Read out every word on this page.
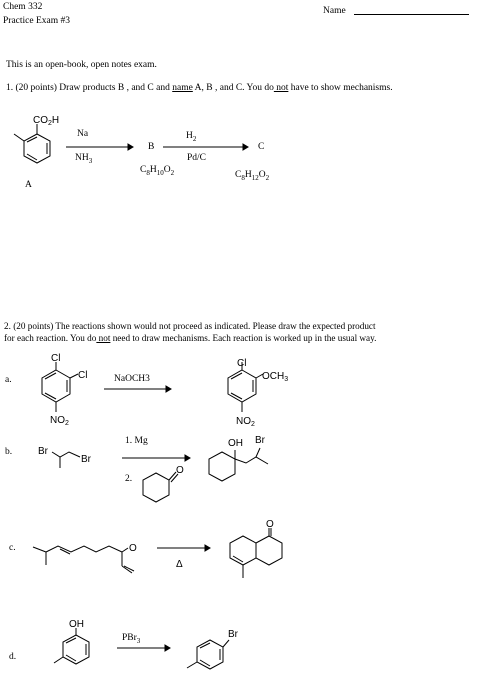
Chem 332
Practice Exam #3
Name
This is an open-book, open notes exam.
1. (20 points) Draw products B , and C and name A, B , and C. You do not have to show mechanisms.
$CO_2H$
Na
$NH_3$
B
$C_8H_{10}O_2$
$H_2$
Pd/C
C
$C_8H_{12}O_2$
A
2. (20 points) The reactions shown would not proceed as indicated. Please draw the expected product
for each reaction. You do not need to draw mechanisms. Each reaction is worked up in the usual way.
Cl
Cl
$NO_2$
Cl
$OCH_3$
$NO_2$
Br
Br
O
OH Br
O
Δ
O
OH
Br
a.	NaOCH3
b.
1. Mg
2.
c.
d.
PBr$_3$
